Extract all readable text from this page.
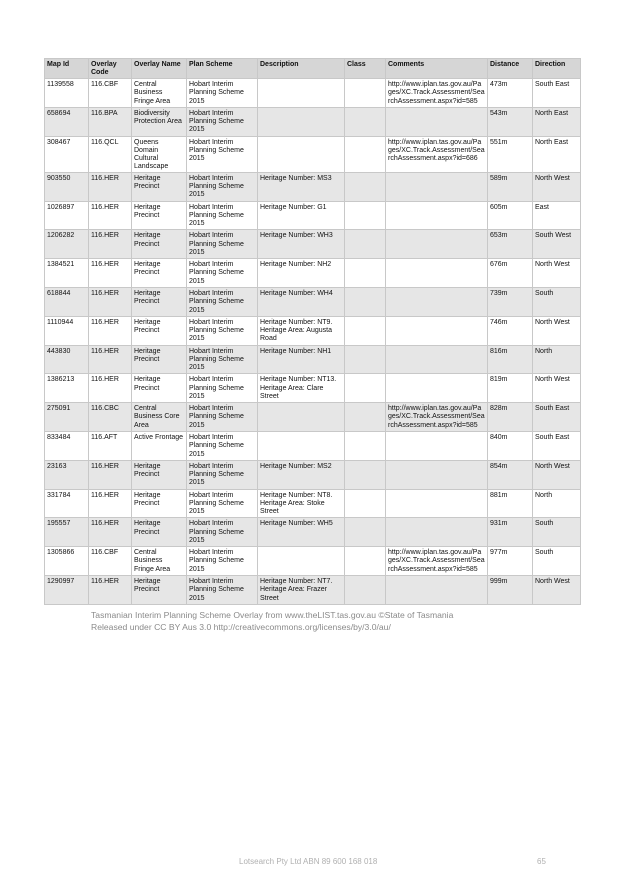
Map Id	Overlay Code	Overlay Name	Plan Scheme	Description	Class	Comments	Distance	Direction
1139558	116.CBF	Central Business Fringe Area	Hobart Interim Planning Scheme 2015			http://www.iplan.tas.gov.au/Pages/XC.Track.Assessment/SearchAssessment.aspx?id=585	473m	South East
658694	116.BPA	Biodiversity Protection Area	Hobart Interim Planning Scheme 2015				543m	North East
308467	116.QCL	Queens Domain Cultural Landscape	Hobart Interim Planning Scheme 2015			http://www.iplan.tas.gov.au/Pages/XC.Track.Assessment/SearchAssessment.aspx?id=686	551m	North East
903550	116.HER	Heritage Precinct	Hobart Interim Planning Scheme 2015	Heritage Number: MS3			589m	North West
1026897	116.HER	Heritage Precinct	Hobart Interim Planning Scheme 2015	Heritage Number: G1			605m	East
1206282	116.HER	Heritage Precinct	Hobart Interim Planning Scheme 2015	Heritage Number: WH3			653m	South West
1384521	116.HER	Heritage Precinct	Hobart Interim Planning Scheme 2015	Heritage Number: NH2			676m	North West
618844	116.HER	Heritage Precinct	Hobart Interim Planning Scheme 2015	Heritage Number: WH4			739m	South
1110944	116.HER	Heritage Precinct	Hobart Interim Planning Scheme 2015	Heritage Number: NT9. Heritage Area: Augusta Road			746m	North West
443830	116.HER	Heritage Precinct	Hobart Interim Planning Scheme 2015	Heritage Number: NH1			816m	North
1386213	116.HER	Heritage Precinct	Hobart Interim Planning Scheme 2015	Heritage Number: NT13. Heritage Area: Clare Street			819m	North West
275091	116.CBC	Central Business Core Area	Hobart Interim Planning Scheme 2015			http://www.iplan.tas.gov.au/Pages/XC.Track.Assessment/SearchAssessment.aspx?id=585	828m	South East
833484	116.AFT	Active Frontage	Hobart Interim Planning Scheme 2015				840m	South East
23163	116.HER	Heritage Precinct	Hobart Interim Planning Scheme 2015	Heritage Number: MS2			854m	North West
331784	116.HER	Heritage Precinct	Hobart Interim Planning Scheme 2015	Heritage Number: NT8. Heritage Area: Stoke Street			881m	North
195557	116.HER	Heritage Precinct	Hobart Interim Planning Scheme 2015	Heritage Number: WH5			931m	South
1305866	116.CBF	Central Business Fringe Area	Hobart Interim Planning Scheme 2015			http://www.iplan.tas.gov.au/Pages/XC.Track.Assessment/SearchAssessment.aspx?id=585	977m	South
1290997	116.HER	Heritage Precinct	Hobart Interim Planning Scheme 2015	Heritage Number: NT7. Heritage Area: Frazer Street			999m	North West
Tasmanian Interim Planning Scheme Overlay from www.theLIST.tas.gov.au ©State of Tasmania
Released under CC BY Aus 3.0 http://creativecommons.org/licenses/by/3.0/au/
Lotsearch Pty Ltd ABN 89 600 168 018	65
